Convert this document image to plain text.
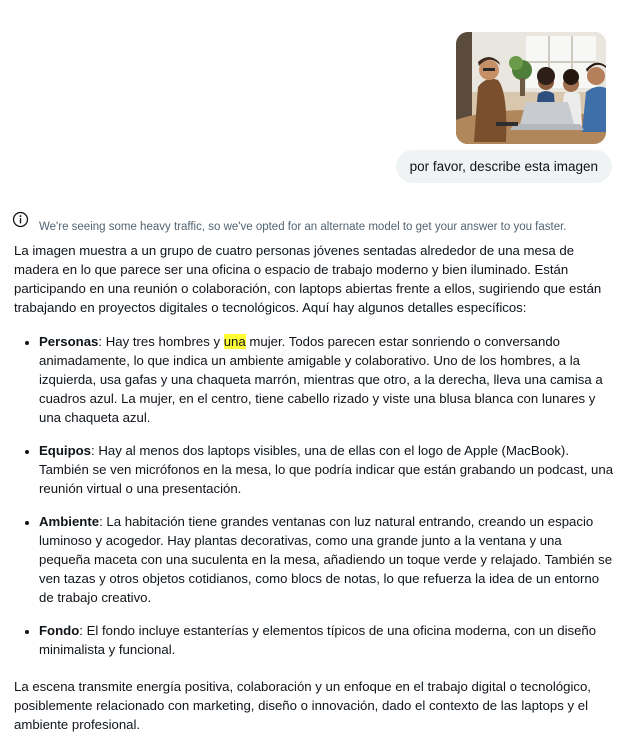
por favor, describe esta imagen
We're seeing some heavy traffic, so we've opted for an alternate model to get your answer to you faster.

La imagen muestra a un grupo de cuatro personas jóvenes sentadas alrededor de una mesa de madera en lo que parece ser una oficina o espacio de trabajo moderno y bien iluminado. Están participando en una reunión o colaboración, con laptops abiertas frente a ellos, sugiriendo que están trabajando en proyectos digitales o tecnológicos. Aquí hay algunos detalles específicos:

• Personas: Hay tres hombres y una mujer. Todos parecen estar sonriendo o conversando animadamente, lo que indica un ambiente amigable y colaborativo. Uno de los hombres, a la izquierda, usa gafas y una chaqueta marrón, mientras que otro, a la derecha, lleva una camisa a cuadros azul. La mujer, en el centro, tiene cabello rizado y viste una blusa blanca con lunares y una chaqueta azul.
• Equipos: Hay al menos dos laptops visibles, una de ellas con el logo de Apple (MacBook). También se ven micrófonos en la mesa, lo que podría indicar que están grabando un podcast, una reunión virtual o una presentación.
• Ambiente: La habitación tiene grandes ventanas con luz natural entrando, creando un espacio luminoso y acogedor. Hay plantas decorativas, como una grande junto a la ventana y una pequeña maceta con una suculenta en la mesa, añadiendo un toque verde y relajado. También se ven tazas y otros objetos cotidianos, como blocs de notas, lo que refuerza la idea de un entorno de trabajo creativo.
• Fondo: El fondo incluye estanterías y elementos típicos de una oficina moderna, con un diseño minimalista y funcional.

La escena transmite energía positiva, colaboración y un enfoque en el trabajo digital o tecnológico, posiblemente relacionado con marketing, diseño o innovación, dado el contexto de las laptops y el ambiente profesional.
